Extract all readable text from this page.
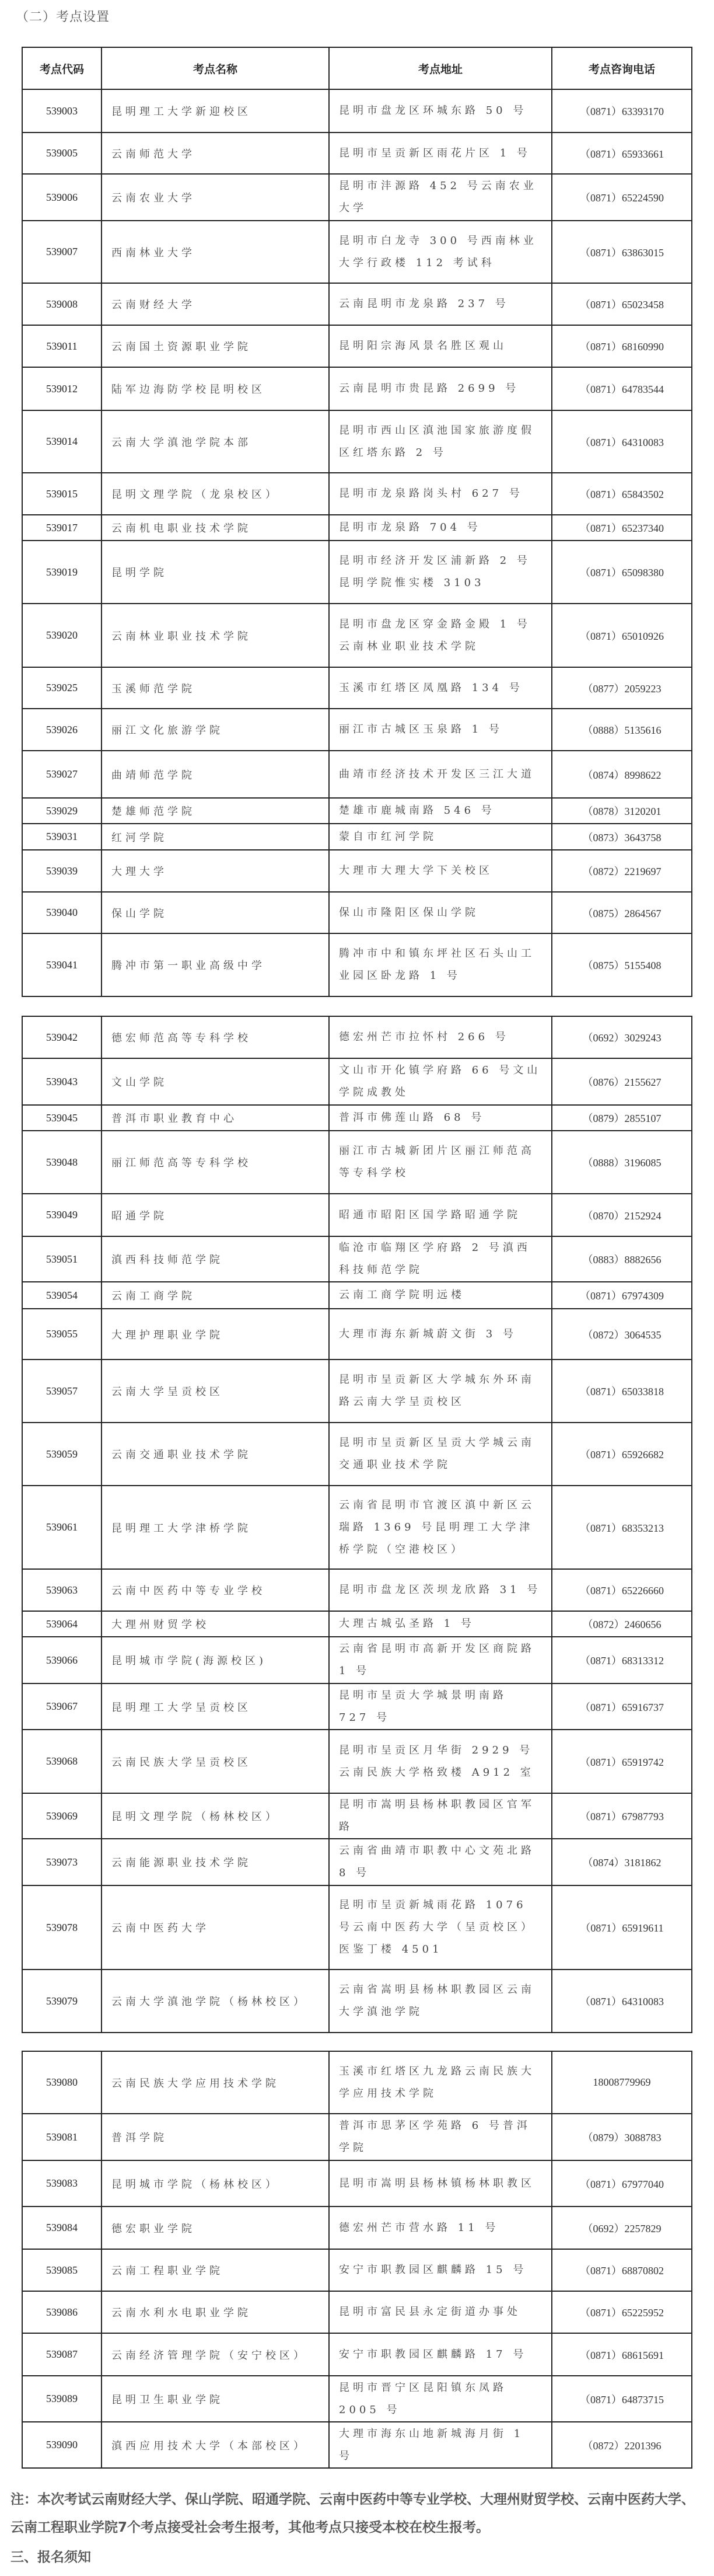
（二）考点设置
考点代码	考点名称	考点地址	考点咨询电话
539003	昆明理工大学新迎校区	昆明市盘龙区环城东路 50 号	（0871）63393170
539005	云南师范大学	昆明市呈贡新区雨花片区 1 号	（0871）65933661
539006	云南农业大学	昆明市沣源路 452 号云南农业大学	（0871）65224590
539007	西南林业大学	昆明市白龙寺 300 号西南林业大学行政楼 112 考试科	（0871）63863015
539008	云南财经大学	云南昆明市龙泉路 237 号	（0871）65023458
539011	云南国土资源职业学院	昆明阳宗海风景名胜区观山	（0871）68160990
539012	陆军边海防学校昆明校区	云南昆明市贵昆路 2699 号	（0871）64783544
539014	云南大学滇池学院本部	昆明市西山区滇池国家旅游度假区红塔东路 2 号	（0871）64310083
539015	昆明文理学院（龙泉校区）	昆明市龙泉路岗头村 627 号	（0871）65843502
539017	云南机电职业技术学院	昆明市龙泉路 704 号	（0871）65237340
539019	昆明学院	昆明市经济开发区浦新路 2 号昆明学院惟实楼 3103	（0871）65098380
539020	云南林业职业技术学院	昆明市盘龙区穿金路金殿 1 号云南林业职业技术学院	（0871）65010926
539025	玉溪师范学院	玉溪市红塔区凤凰路 134 号	（0877）2059223
539026	丽江文化旅游学院	丽江市古城区玉泉路 1 号	（0888）5135616
539027	曲靖师范学院	曲靖市经济技术开发区三江大道	（0874）8998622
539029	楚雄师范学院	楚雄市鹿城南路 546 号	（0878）3120201
539031	红河学院	蒙自市红河学院	（0873）3643758
539039	大理大学	大理市大理大学下关校区	（0872）2219697
539040	保山学院	保山市隆阳区保山学院	（0875）2864567
539041	腾冲市第一职业高级中学	腾冲市中和镇东坪社区石头山工业园区卧龙路 1 号	（0875）5155408
539042	德宏师范高等专科学校	德宏州芒市拉怀村 266 号	（0692）3029243
539043	文山学院	文山市开化镇学府路 66 号文山学院成教处	（0876）2155627
539045	普洱市职业教育中心	普洱市佛莲山路 68 号	（0879）2855107
539048	丽江师范高等专科学校	丽江市古城新团片区丽江师范高等专科学校	（0888）3196085
539049	昭通学院	昭通市昭阳区国学路昭通学院	（0870）2152924
539051	滇西科技师范学院	临沧市临翔区学府路 2 号滇西科技师范学院	（0883）8882656
539054	云南工商学院	云南工商学院明远楼	（0871）67974309
539055	大理护理职业学院	大理市海东新城蔚文街 3 号	（0872）3064535
539057	云南大学呈贡校区	昆明市呈贡新区大学城东外环南路云南大学呈贡校区	（0871）65033818
539059	云南交通职业技术学院	昆明市呈贡新区呈贡大学城云南交通职业技术学院	（0871）65926682
539061	昆明理工大学津桥学院	云南省昆明市官渡区滇中新区云瑞路 1369 号昆明理工大学津桥学院（空港校区）	（0871）68353213
539063	云南中医药中等专业学校	昆明市盘龙区茨坝龙欣路 31 号	（0871）65226660
539064	大理州财贸学校	大理古城弘圣路 1 号	（0872）2460656
539066	昆明城市学院(海源校区)	云南省昆明市高新开发区商院路 1 号	（0871）68313312
539067	昆明理工大学呈贡校区	昆明市呈贡大学城景明南路 727 号	（0871）65916737
539068	云南民族大学呈贡校区	昆明市呈贡区月华街 2929 号云南民族大学格致楼 A912 室	（0871）65919742
539069	昆明文理学院（杨林校区）	昆明市嵩明县杨林职教园区官军路	（0871）67987793
539073	云南能源职业技术学院	云南省曲靖市职教中心文苑北路 8 号	（0874）3181862
539078	云南中医药大学	昆明市呈贡新城雨花路 1076 号云南中医药大学（呈贡校区）医鉴丁楼 4501	（0871）65919611
539079	云南大学滇池学院（杨林校区）	云南省嵩明县杨林职教园区云南大学滇池学院	（0871）64310083
539080	云南民族大学应用技术学院	玉溪市红塔区九龙路云南民族大学应用技术学院	18008779969
539081	普洱学院	普洱市思茅区学苑路 6 号普洱学院	（0879）3088783
539083	昆明城市学院（杨林校区）	昆明市嵩明县杨林镇杨林职教区	（0871）67977040
539084	德宏职业学院	德宏州芒市营水路 11 号	（0692）2257829
539085	云南工程职业学院	安宁市职教园区麒麟路 15 号	（0871）68870802
539086	云南水利水电职业学院	昆明市富民县永定街道办事处	（0871）65225952
539087	云南经济管理学院（安宁校区）	安宁市职教园区麒麟路 17 号	（0871）68615691
539089	昆明卫生职业学院	昆明市晋宁区昆阳镇东凤路 2005 号	（0871）64873715
539090	滇西应用技术大学（本部校区）	大理市海东山地新城海月街 1 号	（0872）2201396
注：本次考试云南财经大学、保山学院、昭通学院、云南中医药中等专业学校、大理州财贸学校、云南中医药大学、
云南工程职业学院7个考点接受社会考生报考，其他考点只接受本校在校生报考。
三、报名须知
